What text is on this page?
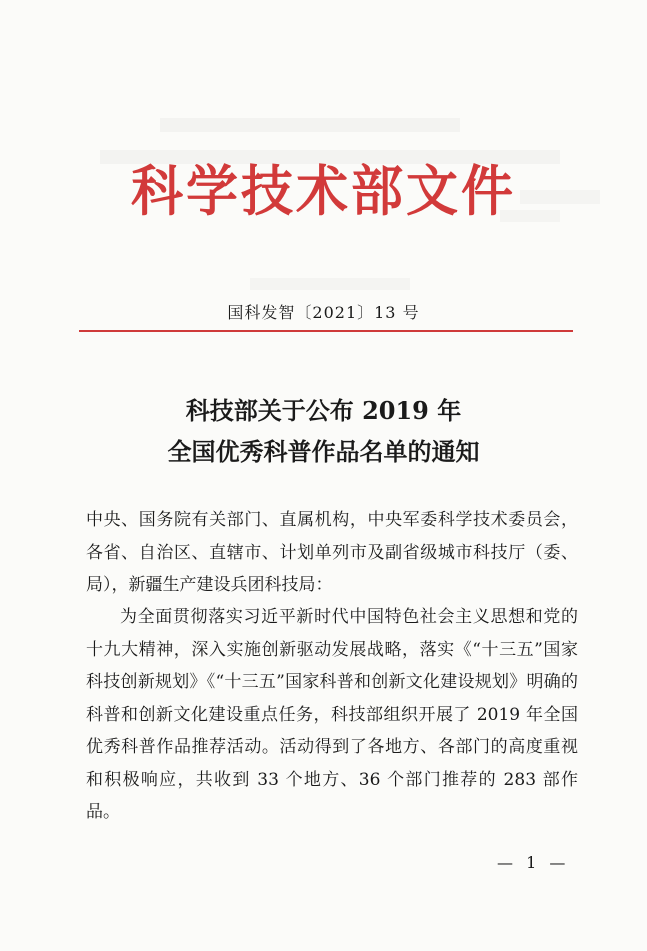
科学技术部文件
国科发智〔2021〕13 号
科技部关于公布 2019 年
全国优秀科普作品名单的通知
中央、国务院有关部门、直属机构，中央军委科学技术委员会，各省、自治区、直辖市、计划单列市及副省级城市科技厅（委、局），新疆生产建设兵团科技局：
为全面贯彻落实习近平新时代中国特色社会主义思想和党的十九大精神，深入实施创新驱动发展战略，落实《“十三五”国家科技创新规划》《“十三五”国家科普和创新文化建设规划》明确的科普和创新文化建设重点任务，科技部组织开展了 2019 年全国优秀科普作品推荐活动。活动得到了各地方、各部门的高度重视和积极响应，共收到 33 个地方、36 个部门推荐的 283 部作品。
— 1 —
